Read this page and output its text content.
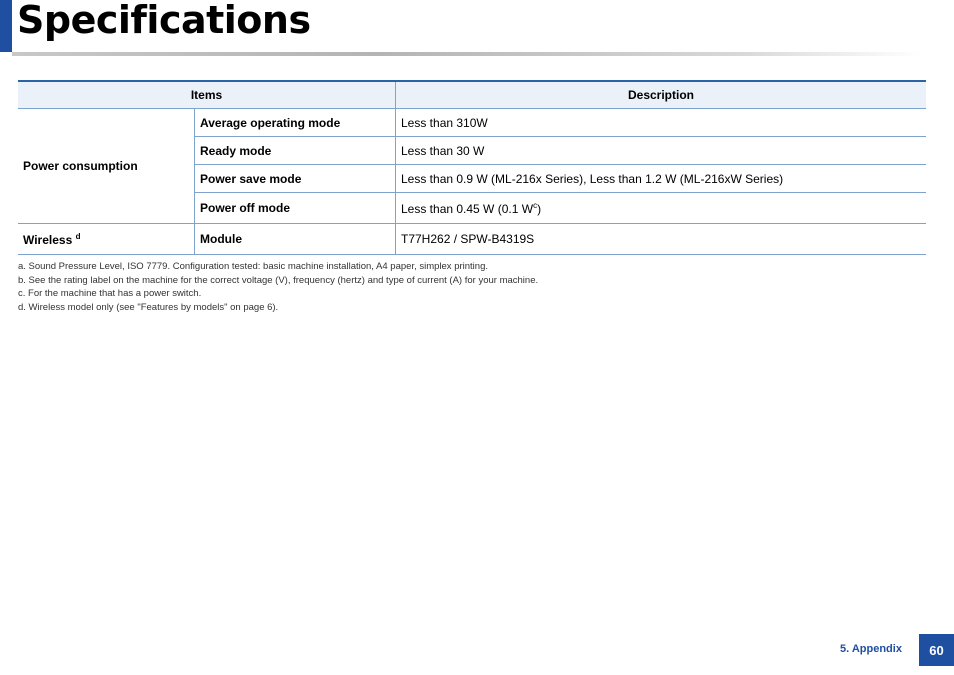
Specifications
Items		Description
Power consumption	Average operating mode	Less than 310W
	Ready mode	Less than 30 W
	Power save mode	Less than 0.9 W (ML-216x Series), Less than 1.2 W (ML-216xW Series)
	Power off mode	Less than 0.45 W (0.1 $W^c$)
Wireless $^d$	Module	T77H262 / SPW-B4319S
a. Sound Pressure Level, ISO 7779. Configuration tested: basic machine installation, A4 paper, simplex printing.
b. See the rating label on the machine for the correct voltage (V), frequency (hertz) and type of current (A) for your machine.
c. For the machine that has a power switch.
d. Wireless model only (see "Features by models" on page 6).
5. Appendix	60
